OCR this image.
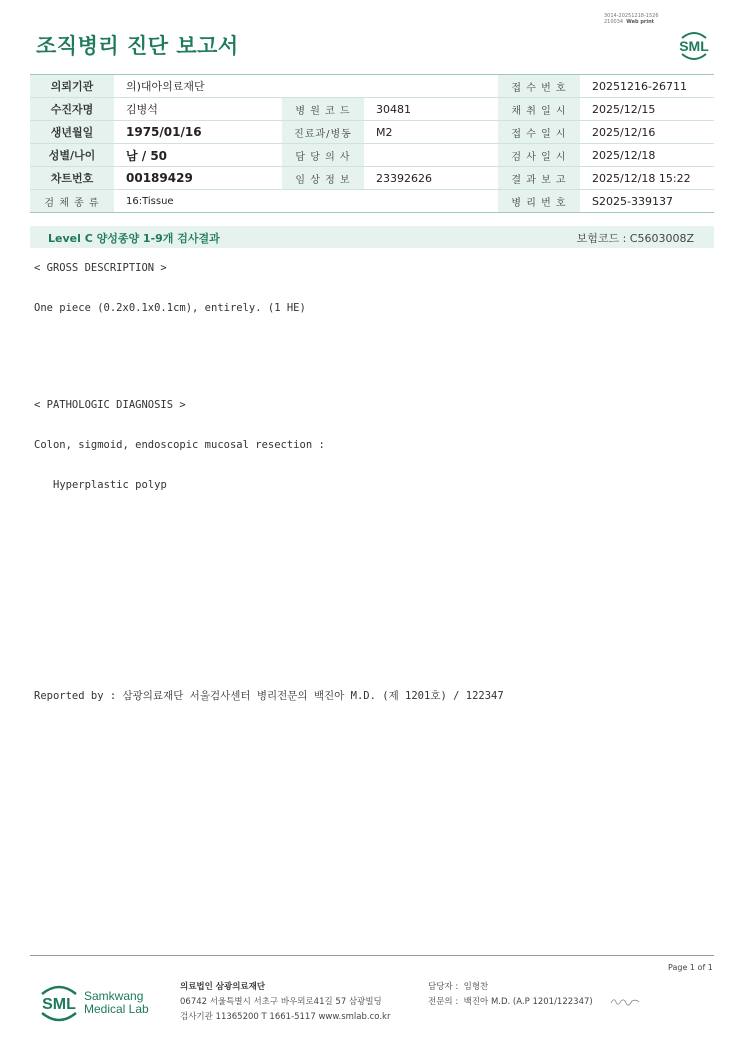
조직병리 진단 보고서
3014-20251218-1526
210034 Web print
SML
의뢰기관	의)대아의료재단			접 수 번 호	20251216-26711
수진자명	김병석	병 원 코 드	30481	채 취 일 시	2025/12/15
생년월일	1975/01/16	진료과/병동	M2	접 수 일 시	2025/12/16
성별/나이	남 / 50	담 당 의 사		검 사 일 시	2025/12/18
차트번호	00189429	임 상 정 보	23392626	결 과 보 고	2025/12/18 15:22
검 체 종 류	16:Tissue			병 리 번 호	S2025-339137
Level C 양성종양 1-9개 검사결과	보험코드 : C5603008Z
< GROSS DESCRIPTION >
One piece (0.2x0.1x0.1cm), entirely. (1 HE)
< PATHOLOGIC DIAGNOSIS >
Colon, sigmoid, endoscopic mucosal resection :
Hyperplastic polyp
Reported by : 삼광의료재단 서울검사센터 병리전문의 백진아 M.D. (제 1201호) / 122347
Page 1 of 1
SML Samkwang
Medical Lab
의료법인 삼광의료재단
06742 서울특별시 서초구 바우뫼로41길 57 삼광빌딩
검사기관 11365200 T 1661-5117 www.smlab.co.kr
담당자 : 임형찬
전문의 : 백진아 M.D. (A.P 1201/122347)
